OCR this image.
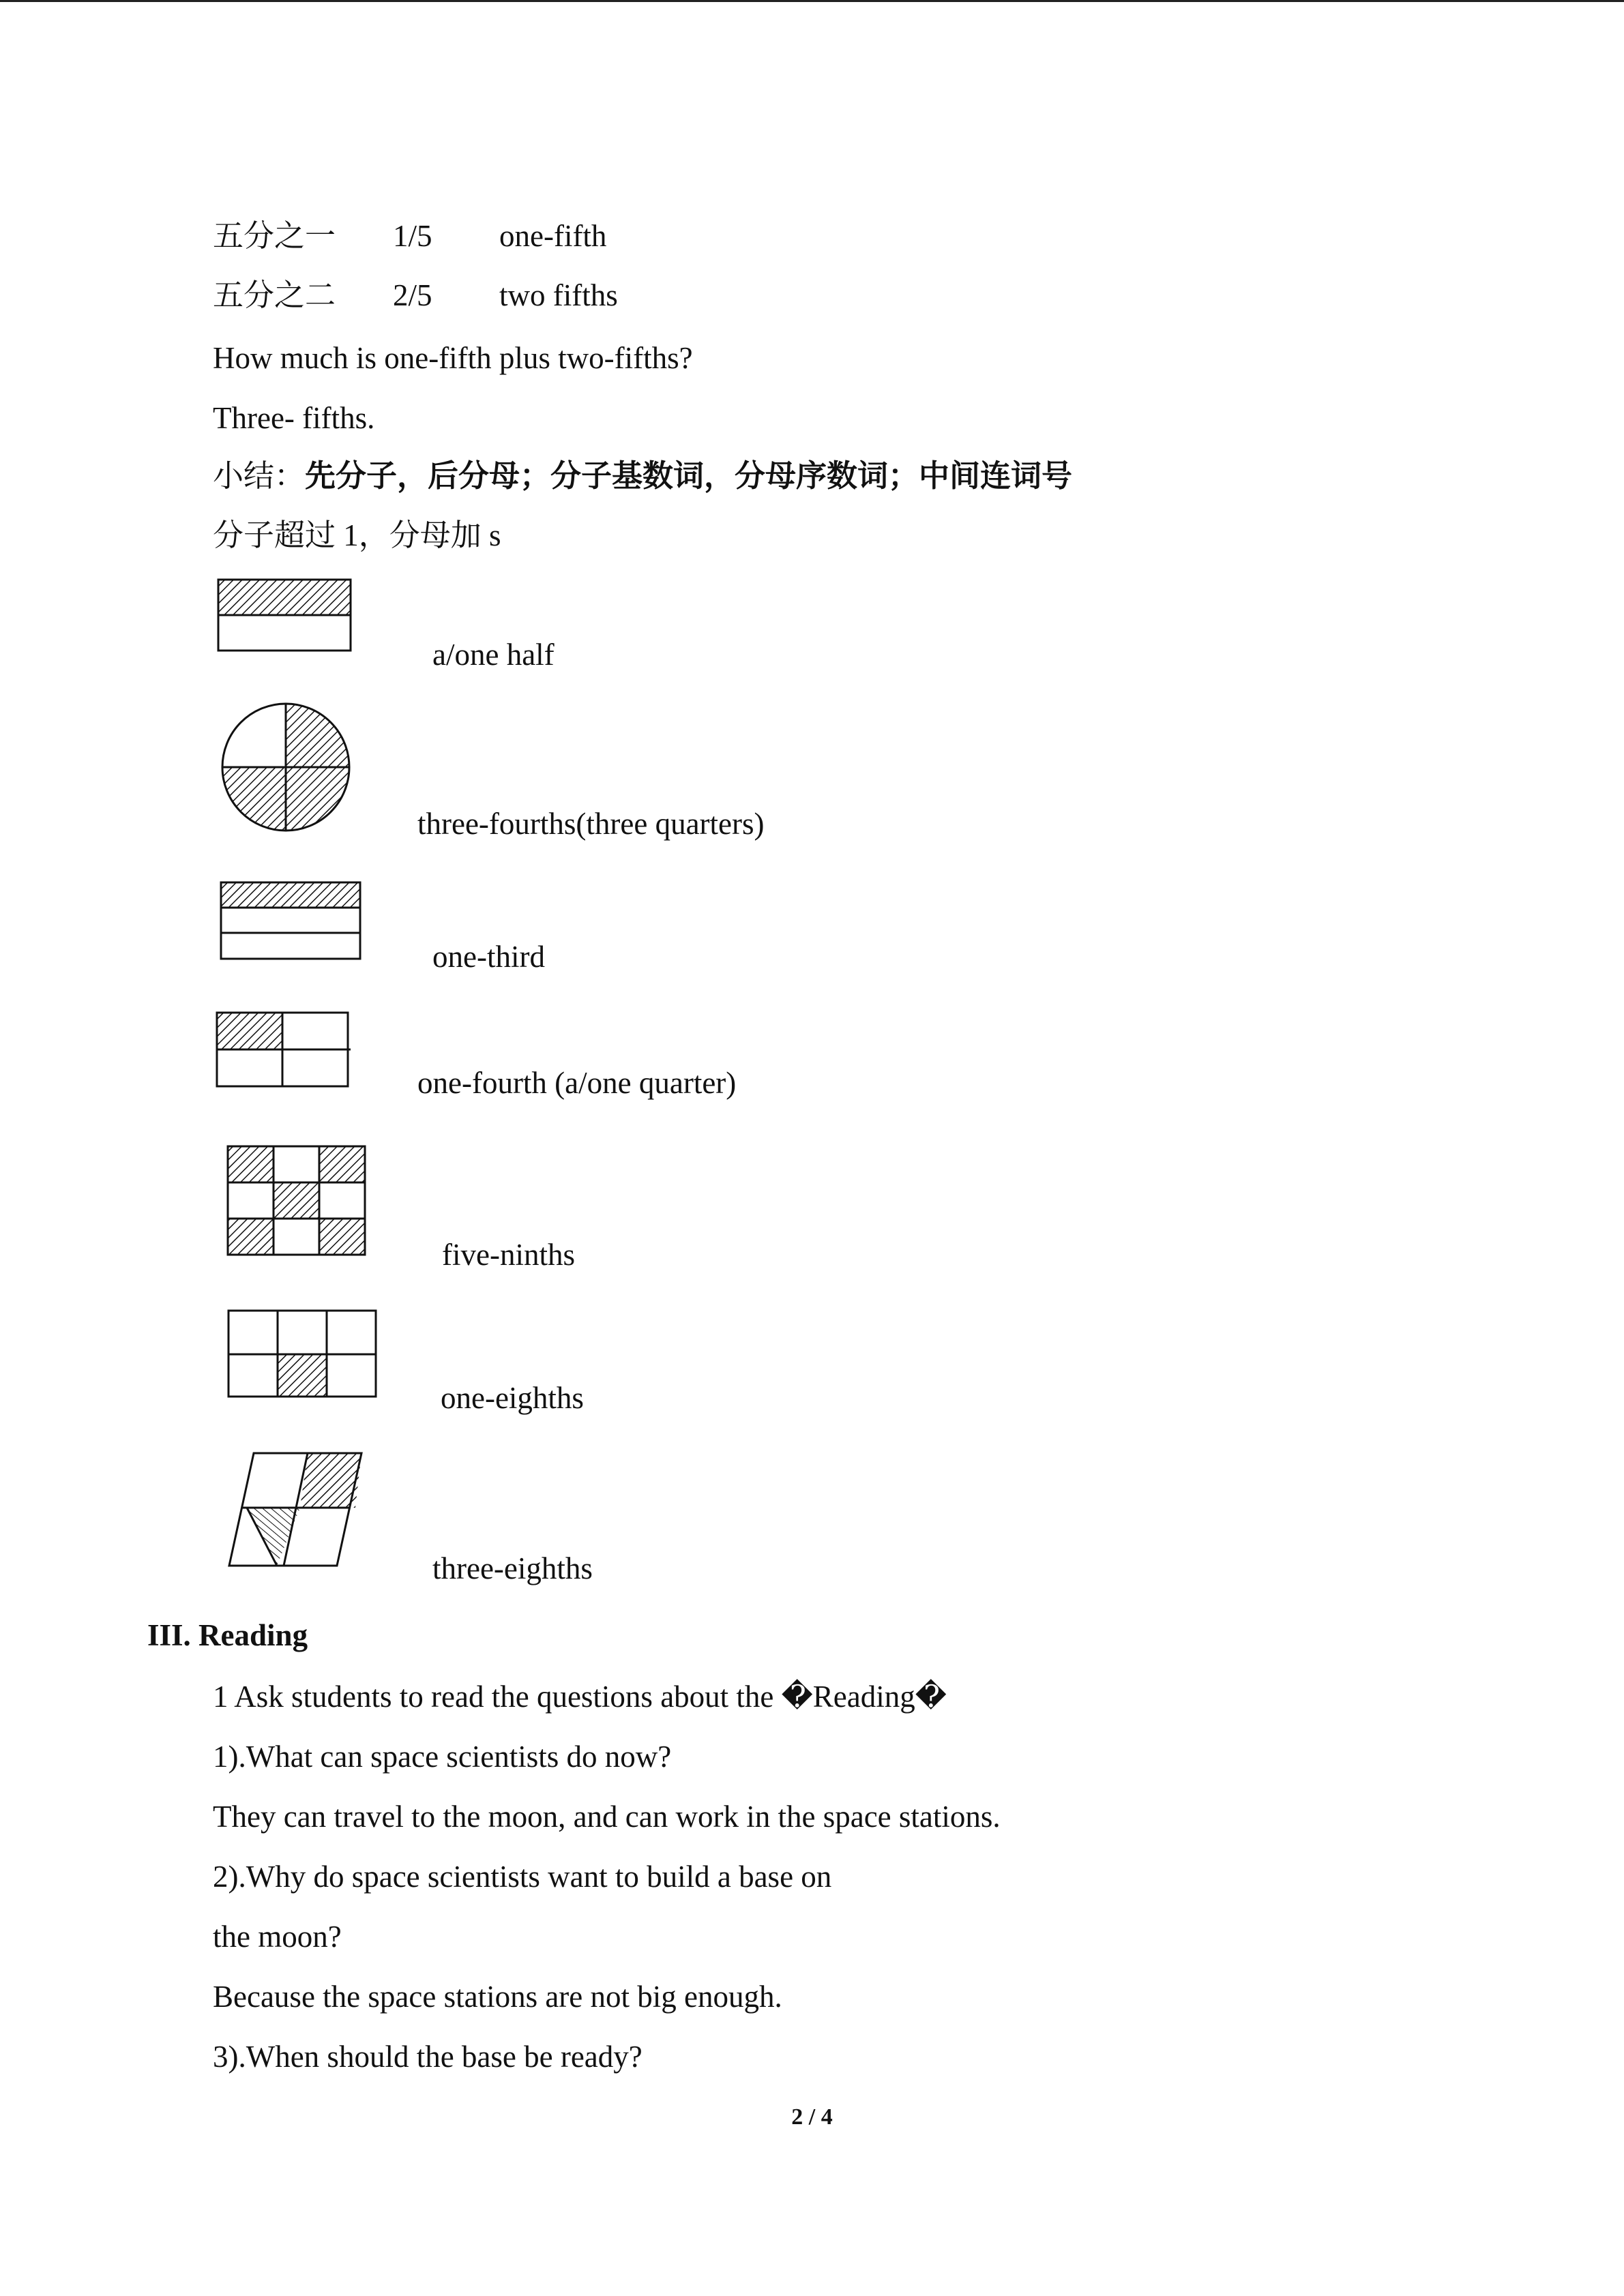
五分之一 1/5 one-fifth
五分之二 2/5 two fifths
How much is one-fifth plus two-fifths?
Three- fifths.
小结：先分子，后分母；分子基数词，分母序数词；中间连词号
分子超过 1，分母加 s
a/one half
three-fourths(three quarters)
one-third
one-fourth (a/one quarter)
five-ninths
one-eighths
three-eighths
III. Reading
1 Ask students to read the questions about the �Reading�
1).What can space scientists do now?
They can travel to the moon, and can work in the space stations.
2).Why do space scientists want to build a base on
the moon?
Because the space stations are not big enough.
3).When should the base be ready?
2 / 4
